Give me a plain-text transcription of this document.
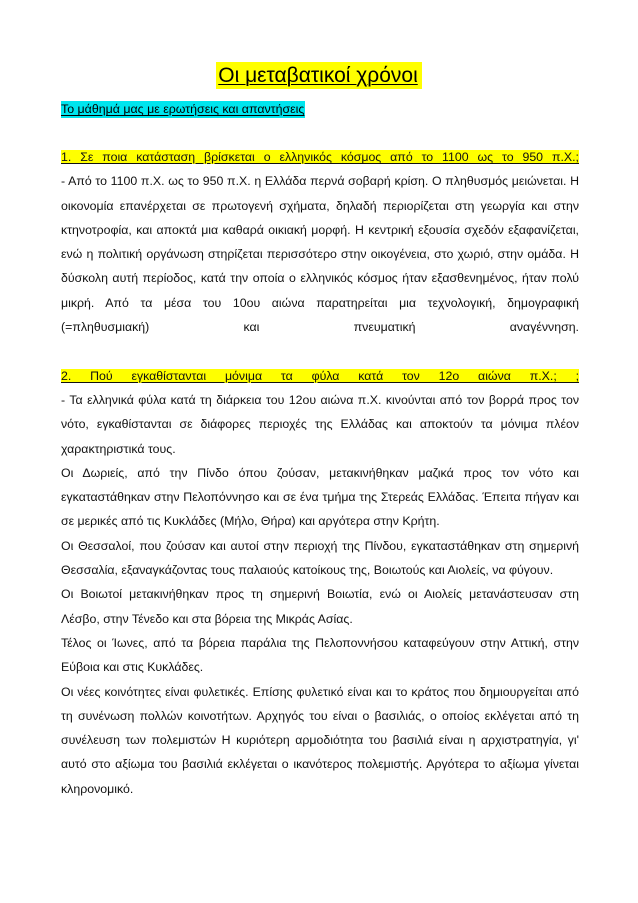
Οι μεταβατικοί χρόνοι
Το μάθημά μας με ερωτήσεις και απαντήσεις

1. Σε ποια κατάσταση βρίσκεται ο ελληνικός κόσμος από το 1100 ως το 950 π.Χ.;

- Από το 1100 π.Χ. ως το 950 π.Χ. η Ελλάδα περνά σοβαρή κρίση. Ο πληθυσμός μειώνεται. Η οικονομία επανέρχεται σε πρωτογενή σχήματα, δηλαδή περιορίζεται στη γεωργία και στην κτηνοτροφία, και αποκτά μια καθαρά οικιακή μορφή. Η κεντρική εξουσία σχεδόν εξαφανίζεται, ενώ η πολιτική οργάνωση στηρίζεται περισσότερο στην οικογένεια, στο χωριό, στην ομάδα. Η δύσκολη αυτή περίοδος, κατά την οποία ο ελληνικός κόσμος ήταν εξασθενημένος, ήταν πολύ μικρή. Από τα μέσα του 10ου αιώνα παρατηρείται μια τεχνολογική, δημογραφική (=πληθυσμιακή) και πνευματική αναγέννηση.

2. Πού εγκαθίστανται μόνιμα τα φύλα κατά τον 12ο αιώνα π.Χ.; ;

- Τα ελληνικά φύλα κατά τη διάρκεια του 12ου αιώνα π.Χ. κινούνται από τον βορρά προς τον νότο, εγκαθίστανται σε διάφορες περιοχές της Ελλάδας και αποκτούν τα μόνιμα πλέον χαρακτηριστικά τους.

Οι Δωριείς, από την Πίνδο όπου ζούσαν, μετακινήθηκαν μαζικά προς τον νότο και εγκαταστάθηκαν στην Πελοπόννησο και σε ένα τμήμα της Στερεάς Ελλάδας. Έπειτα πήγαν και σε μερικές από τις Κυκλάδες (Μήλο, Θήρα) και αργότερα στην Κρήτη.

Οι Θεσσαλοί, που ζούσαν και αυτοί στην περιοχή της Πίνδου, εγκαταστάθηκαν στη σημερινή Θεσσαλία, εξαναγκάζοντας τους παλαιούς κατοίκους της, Βοιωτούς και Αιολείς, να φύγουν.

Οι Βοιωτοί μετακινήθηκαν προς τη σημερινή Βοιωτία, ενώ οι Αιολείς μετανάστευσαν στη Λέσβο, στην Τένεδο και στα βόρεια της Μικράς Ασίας.

Τέλος οι Ίωνες, από τα βόρεια παράλια της Πελοποννήσου καταφεύγουν στην Αττική, στην Εύβοια και στις Κυκλάδες.

Οι νέες κοινότητες είναι φυλετικές. Επίσης φυλετικό είναι και το κράτος που δημιουργείται από τη συνένωση πολλών κοινοτήτων. Αρχηγός του είναι ο βασιλιάς, ο οποίος εκλέγεται από τη συνέλευση των πολεμιστών Η κυριότερη αρμοδιότητα του βασιλιά είναι η αρχιστρατηγία, γι' αυτό στο αξίωμα του βασιλιά εκλέγεται ο ικανότερος πολεμιστής. Αργότερα το αξίωμα γίνεται κληρονομικό.
